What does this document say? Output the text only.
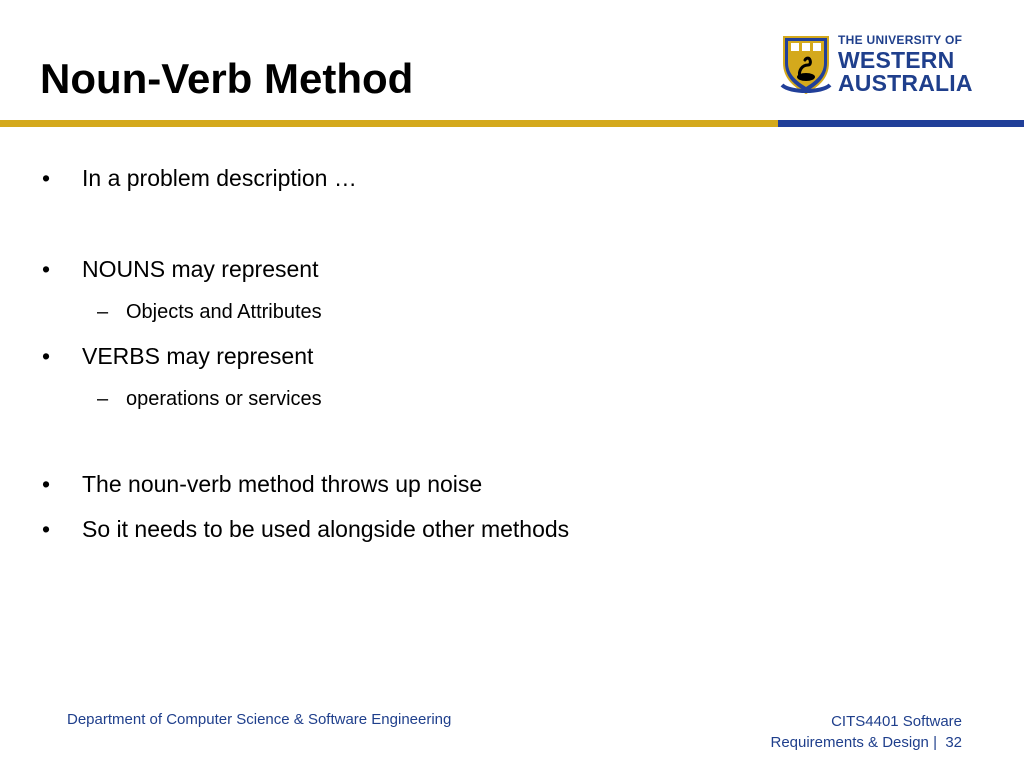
Noun-Verb Method
THE UNIVERSITY OF
WESTERN
AUSTRALIA
•	In a problem description …
•	NOUNS may represent
– Objects and Attributes
•	VERBS may represent
– operations or services
•	The noun-verb method throws up noise
•	So it needs to be used alongside other methods
Department of Computer Science & Software Engineering	CITS4401 Software
Requirements & Design |  32
